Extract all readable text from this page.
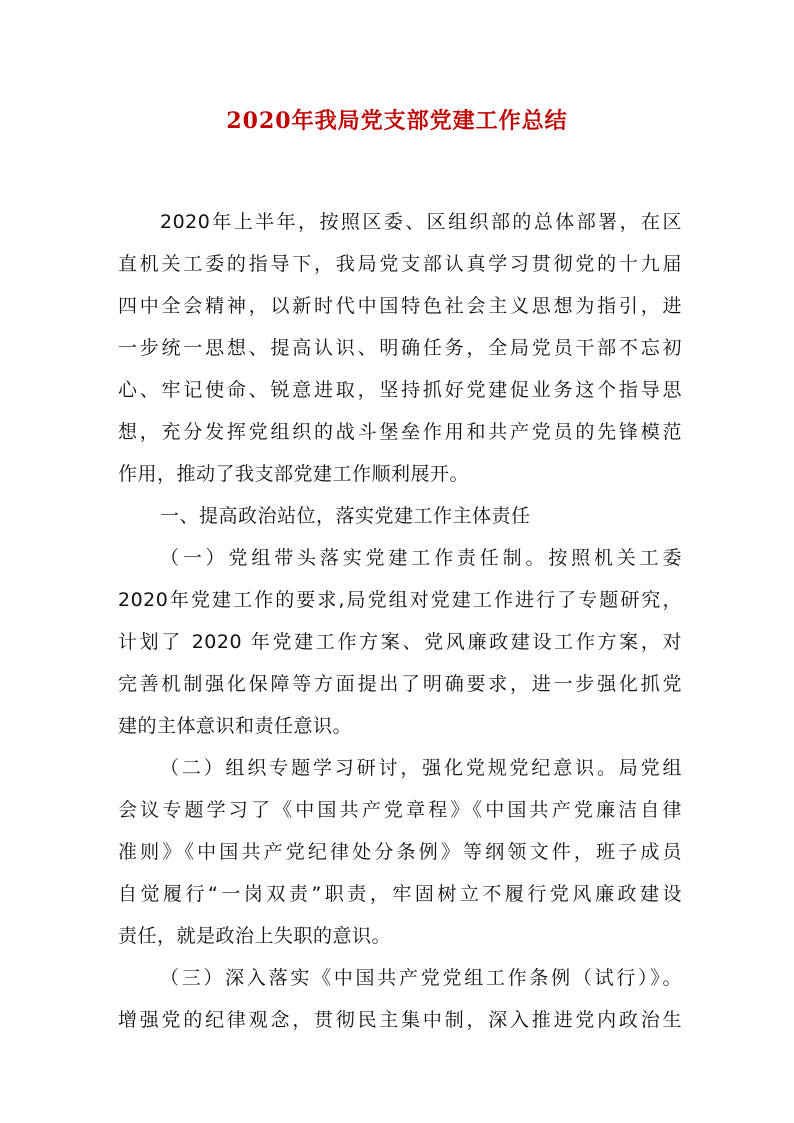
2020年我局党支部党建工作总结
2020年上半年，按照区委、区组织部的总体部署，在区
直机关工委的指导下，我局党支部认真学习贯彻党的十九届
四中全会精神，以新时代中国特色社会主义思想为指引，进
一步统一思想、提高认识、明确任务，全局党员干部不忘初
心、牢记使命、锐意进取，坚持抓好党建促业务这个指导思
想，充分发挥党组织的战斗堡垒作用和共产党员的先锋模范
作用，推动了我支部党建工作顺利展开。
一、提高政治站位，落实党建工作主体责任
（一）党组带头落实党建工作责任制。按照机关工委
2020年党建工作的要求,局党组对党建工作进行了专题研究，
计划了 2020 年党建工作方案、党风廉政建设工作方案，对
完善机制强化保障等方面提出了明确要求，进一步强化抓党
建的主体意识和责任意识。
（二）组织专题学习研讨，强化党规党纪意识。局党组
会议专题学习了《中国共产党章程》《中国共产党廉洁自律
准则》《中国共产党纪律处分条例》等纲领文件，班子成员
自觉履行“一岗双责”职责，牢固树立不履行党风廉政建设
责任，就是政治上失职的意识。
（三）深入落实《中国共产党党组工作条例（试行）》。
增强党的纪律观念，贯彻民主集中制，深入推进党内政治生
